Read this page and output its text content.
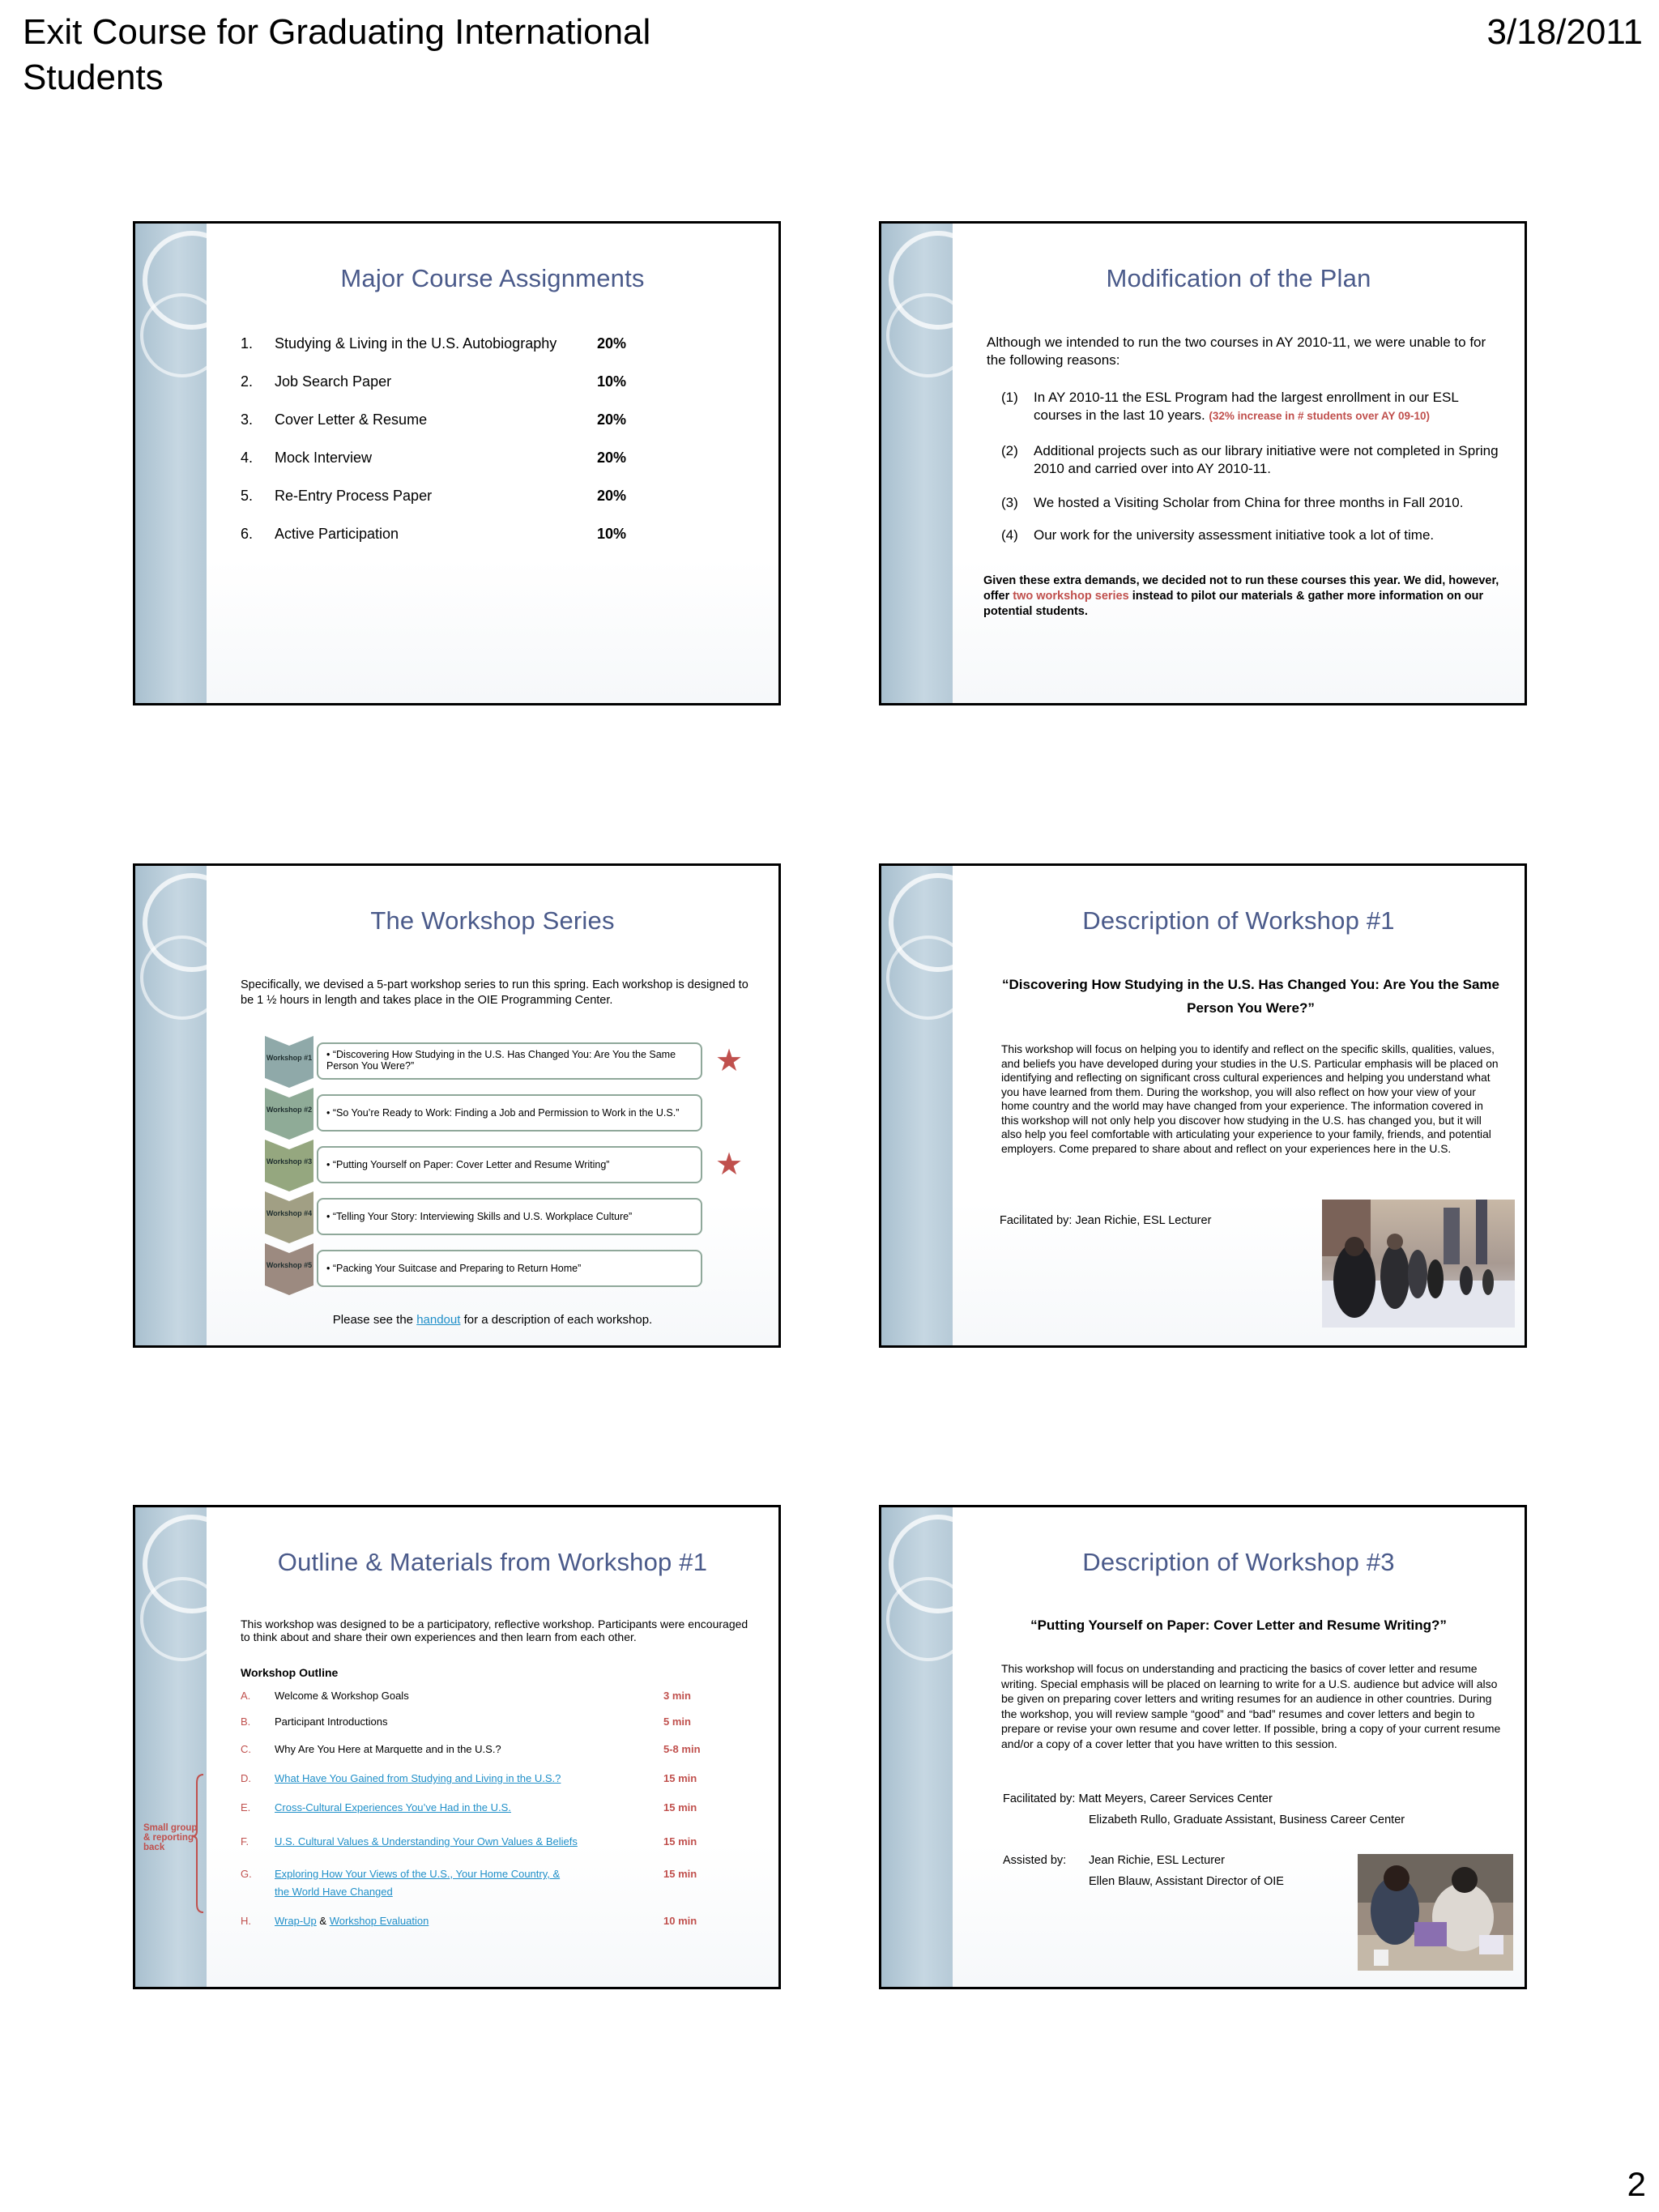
Exit Course for Graduating International Students
3/18/2011
2
Major Course Assignments
1. Studying & Living in the U.S. Autobiography	20%
2. Job Search Paper	10%
3. Cover Letter & Resume	20%
4. Mock Interview	20%
5. Re-Entry Process Paper	20%
6. Active Participation	10%
Modification of the Plan
Although we intended to run the two courses in AY 2010-11, we were unable to for the following reasons:
(1) In AY 2010-11 the ESL Program had the largest enrollment in our ESL courses in the last 10 years. (32% increase in # students over AY 09-10)
(2) Additional projects such as our library initiative were not completed in Spring 2010 and carried over into AY 2010-11.
(3) We hosted a Visiting Scholar from China for three months in Fall 2010.
(4) Our work for the university assessment initiative took a lot of time.
Given these extra demands, we decided not to run these courses this year. We did, however, offer two workshop series instead to pilot our materials & gather more information on our potential students.
The Workshop Series
Specifically, we devised a 5-part workshop series to run this spring. Each workshop is designed to be 1 ½ hours in length and takes place in the OIE Programming Center.
Workshop #1
Workshop #2
Workshop #3
Workshop #4
Workshop #5
• “Discovering How Studying in the U.S. Has Changed You: Are You the Same Person You Were?”
• “So You’re Ready to Work: Finding a Job and Permission to Work in the U.S.”
• “Putting Yourself on Paper: Cover Letter and Resume Writing”
• “Telling Your Story: Interviewing Skills and U.S. Workplace Culture”
• “Packing Your Suitcase and Preparing to Return Home”
★
★
Please see the handout for a description of each workshop.
Description of Workshop #1
“Discovering How Studying in the U.S. Has Changed You: Are You the Same Person You Were?”
This workshop will focus on helping you to identify and reflect on the specific skills, qualities, values, and beliefs you have developed during your studies in the U.S. Particular emphasis will be placed on identifying and reflecting on significant cross cultural experiences and helping you understand what you have learned from them. During the workshop, you will also reflect on how your view of your home country and the world may have changed from your experience. The information covered in this workshop will not only help you discover how studying in the U.S. has changed you, but it will also help you feel comfortable with articulating your experience to your family, friends, and potential employers. Come prepared to share about and reflect on your experiences here in the U.S.
Facilitated by: Jean Richie, ESL Lecturer
Small group & reporting back
Outline & Materials from Workshop #1
This workshop was designed to be a participatory, reflective workshop. Participants were encouraged to think about and share their own experiences and then learn from each other.
Workshop Outline
A. Welcome & Workshop Goals	3 min
B. Participant Introductions	5 min
C. Why Are You Here at Marquette and in the U.S.?	5-8 min
D. What Have You Gained from Studying and Living in the U.S.?	15 min
E. Cross-Cultural Experiences You’ve Had in the U.S.	15 min
F. U.S. Cultural Values & Understanding Your Own Values & Beliefs	15 min
G. Exploring How Your Views of the U.S., Your Home Country, & the World Have Changed
15 min
H. Wrap-Up & Workshop Evaluation	10 min
Description of Workshop #3
“Putting Yourself on Paper: Cover Letter and Resume Writing?”
This workshop will focus on understanding and practicing the basics of cover letter and resume writing. Special emphasis will be placed on learning to write for a U.S. audience but advice will also be given on preparing cover letters and writing resumes for an audience in other countries. During the workshop, you will review sample “good” and “bad” resumes and cover letters and begin to prepare or revise your own resume and cover letter. If possible, bring a copy of your current resume and/or a copy of a cover letter that you have written to this session.
Facilitated by: Matt Meyers, Career Services Center
Elizabeth Rullo, Graduate Assistant, Business Career Center
Assisted by: Jean Richie, ESL Lecturer
Ellen Blauw, Assistant Director of OIE
